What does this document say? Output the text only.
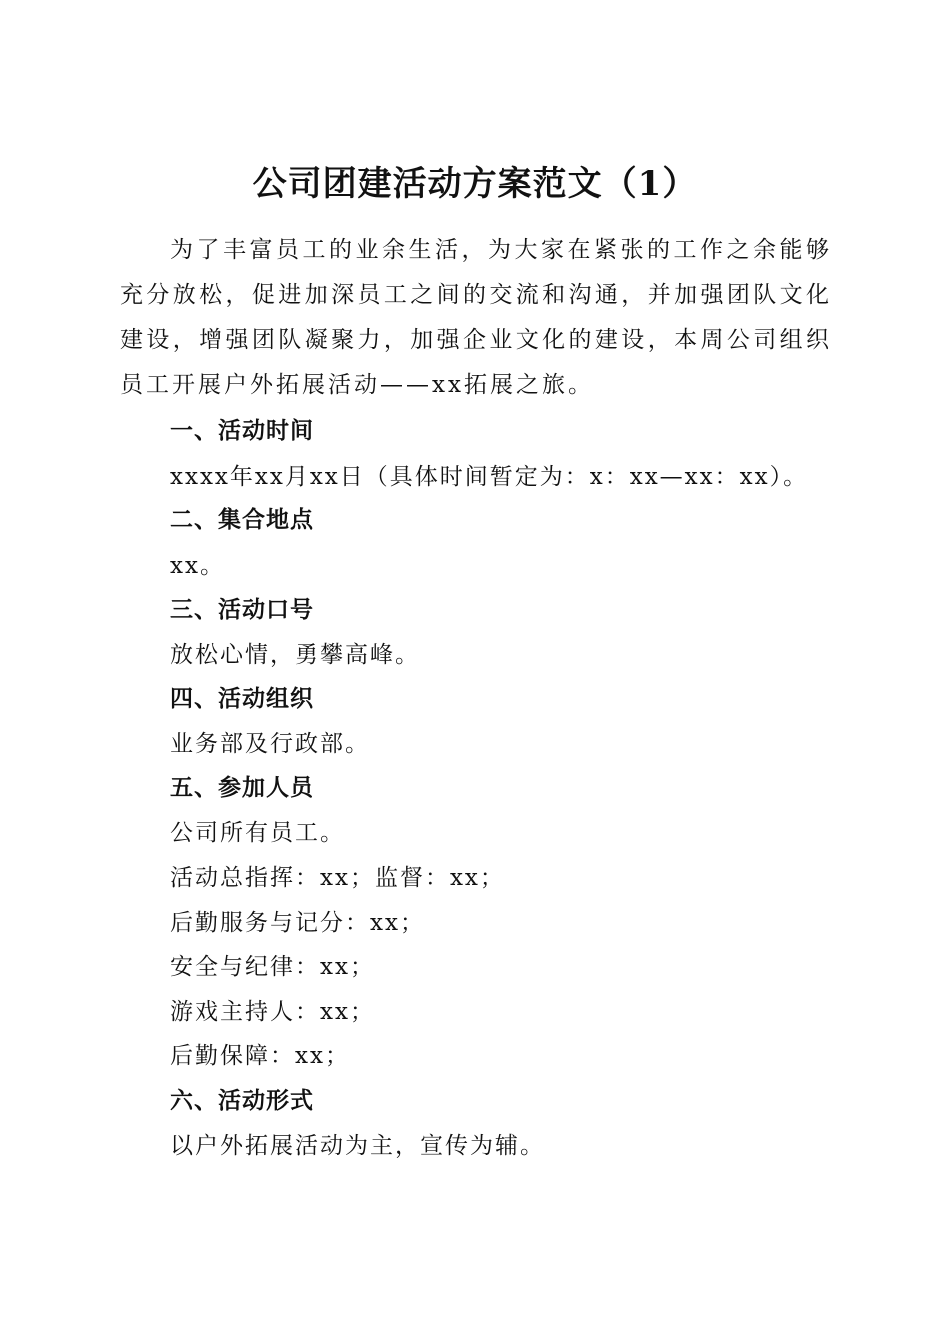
公司团建活动方案范文（1）

为了丰富员工的业余生活，为大家在紧张的工作之余能够充分放松，促进加深员工之间的交流和沟通，并加强团队文化建设，增强团队凝聚力，加强企业文化的建设，本周公司组织员工开展户外拓展活动——xx拓展之旅。

一、活动时间

xxxx年xx月xx日（具体时间暂定为：x：xx—xx：xx）。

二、集合地点

xx。

三、活动口号

放松心情，勇攀高峰。

四、活动组织

业务部及行政部。

五、参加人员

公司所有员工。

活动总指挥：xx；监督：xx；

后勤服务与记分：xx；

安全与纪律：xx；

游戏主持人：xx；

后勤保障：xx；

六、活动形式

以户外拓展活动为主，宣传为辅。
